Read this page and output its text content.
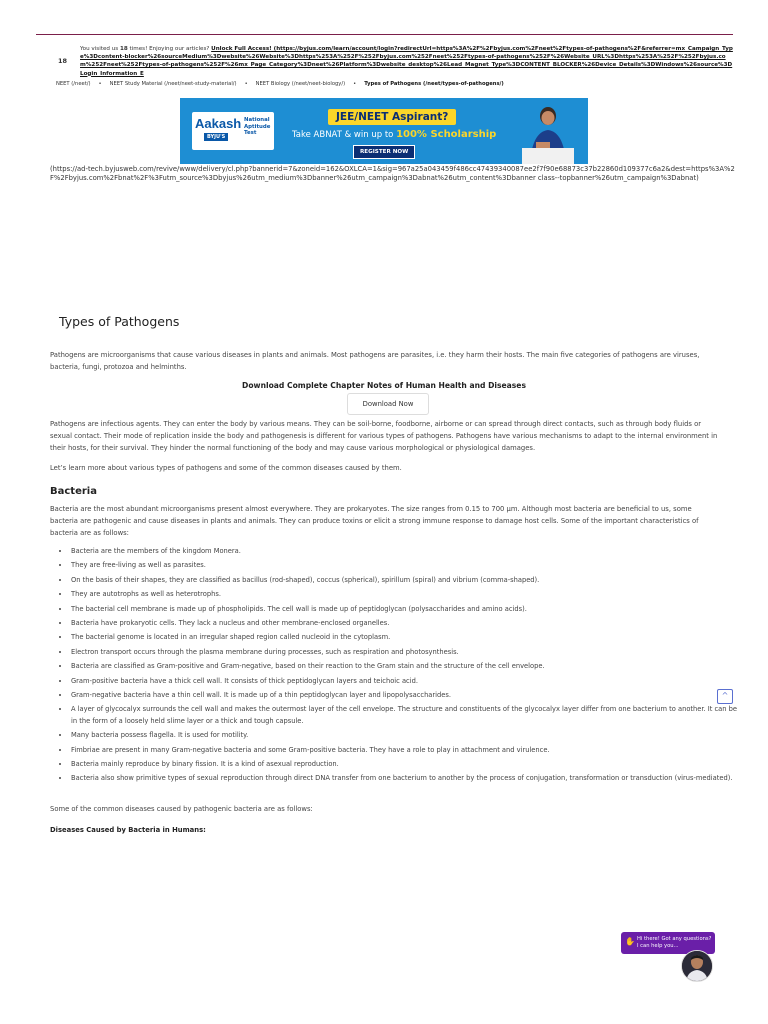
18
You visited us 18 times! Enjoying our articles? Unlock Full Access! (https://byjus.com/learn/account/login?redirectUrl=https%3A%2F%2Fbyjus.com%2Fneet%2Ftypes-of-pathogens%2F&referrer=mx_Campaign_Type%3Dcontent-blocker%26sourceMedium%3Dwebsite%26Website%3Dhttps%253A%252F%252Fbyjus.com%252Fneet%252Ftypes-of-pathogens%252F%26Website_URL%3Dhttps%253A%252F%252Fbyjus.com%252Fneet%252Ftypes-of-pathogens%252F%26mx_Page_Category%3Dneet%26Platform%3Dwebsite_desktop%26Lead_Magnet_Type%3DCONTENT_BLOCKER%26Device_Details%3DWindows%26source%3DLogin_Information_E
NEET (/neet/) • NEET Study Material (/neet/neet-study-material/) • NEET Biology (/neet/neet-biology/) • Types of Pathogens (/neet/types-of-pathogens/)
Aakash
BYJU'S
National Aptitude Test
JEE/NEET Aspirant?
Take ABNAT & win up to 100% Scholarship
REGISTER NOW
(https://ad-tech.byjusweb.com/revive/www/delivery/cl.php?bannerid=7&zoneid=162&OXLCA=1&sig=967a25a043459f486cc47439340087ee2f7f90e68873c37b22860d109377c6a2&dest=https%3A%2F%2Fbyjus.com%2Fbnat%2F%3Futm_source%3Dbyjus%26utm_medium%3Dbanner%26utm_campaign%3Dabnat%26utm_content%3Dbanner class--topbanner%26utm_campaign%3Dabnat)
Types of Pathogens

Pathogens are microorganisms that cause various diseases in plants and animals. Most pathogens are parasites, i.e. they harm their hosts. The main five categories of pathogens are viruses, bacteria, fungi, protozoa and helminths.

Download Complete Chapter Notes of Human Health and Diseases
Download Now

Pathogens are infectious agents. They can enter the body by various means. They can be soil-borne, foodborne, airborne or can spread through direct contacts, such as through body fluids or sexual contact. Their mode of replication inside the body and pathogenesis is different for various types of pathogens. Pathogens have various mechanisms to adapt to the internal environment in their hosts, for their survival. They hinder the normal functioning of the body and may cause various morphological or physiological damages.

Let’s learn more about various types of pathogens and some of the common diseases caused by them.

Bacteria

Bacteria are the most abundant microorganisms present almost everywhere. They are prokaryotes. The size ranges from 0.15 to 700 µm. Although most bacteria are beneficial to us, some bacteria are pathogenic and cause diseases in plants and animals. They can produce toxins or elicit a strong immune response to damage host cells. Some of the important characteristics of bacteria are as follows:

• Bacteria are the members of the kingdom Monera.
• They are free-living as well as parasites.
• On the basis of their shapes, they are classified as bacillus (rod-shaped), coccus (spherical), spirillum (spiral) and vibrium (comma-shaped).
• They are autotrophs as well as heterotrophs.
• The bacterial cell membrane is made up of phospholipids. The cell wall is made up of peptidoglycan (polysaccharides and amino acids).
• Bacteria have prokaryotic cells. They lack a nucleus and other membrane-enclosed organelles.
• The bacterial genome is located in an irregular shaped region called nucleoid in the cytoplasm.
• Electron transport occurs through the plasma membrane during processes, such as respiration and photosynthesis.
• Bacteria are classified as Gram-positive and Gram-negative, based on their reaction to the Gram stain and the structure of the cell envelope.
• Gram-positive bacteria have a thick cell wall. It consists of thick peptidoglycan layers and teichoic acid.
• Gram-negative bacteria have a thin cell wall. It is made up of a thin peptidoglycan layer and lipopolysaccharides.
• A layer of glycocalyx surrounds the cell wall and makes the outermost layer of the cell envelope. The structure and constituents of the glycocalyx layer differ from one bacterium to another. It can be in the form of a loosely held slime layer or a thick and tough capsule.
• Many bacteria possess flagella. It is used for motility.
• Fimbriae are present in many Gram-negative bacteria and some Gram-positive bacteria. They have a role to play in attachment and virulence.
• Bacteria mainly reproduce by binary fission. It is a kind of asexual reproduction.
• Bacteria also show primitive types of sexual reproduction through direct DNA transfer from one bacterium to another by the process of conjugation, transformation or transduction (virus-mediated).

Some of the common diseases caused by pathogenic bacteria are as follows:

Diseases Caused by Bacteria in Humans:
^
✋ Hi there! Got any questions? I can help you...
